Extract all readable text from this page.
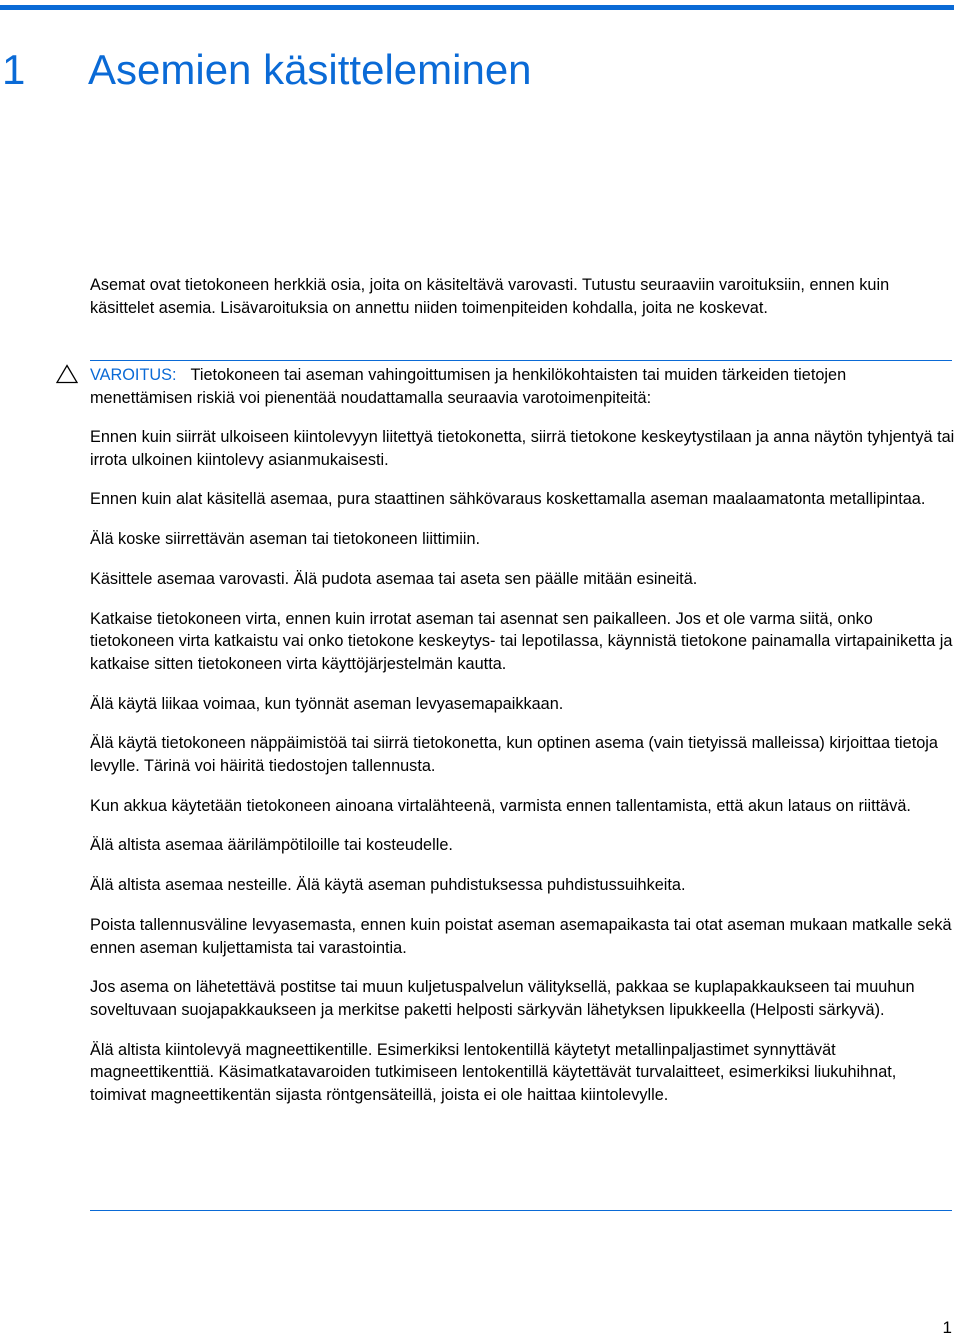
1	Asemien käsitteleminen

Asemat ovat tietokoneen herkkiä osia, joita on käsiteltävä varovasti. Tutustu seuraaviin varoituksiin, ennen kuin käsittelet asemia. Lisävaroituksia on annettu niiden toimenpiteiden kohdalla, joita ne koskevat.

VAROITUS: Tietokoneen tai aseman vahingoittumisen ja henkilökohtaisten tai muiden tärkeiden tietojen menettämisen riskiä voi pienentää noudattamalla seuraavia varotoimenpiteitä:

Ennen kuin siirrät ulkoiseen kiintolevyyn liitettyä tietokonetta, siirrä tietokone keskeytystilaan ja anna näytön tyhjentyä tai irrota ulkoinen kiintolevy asianmukaisesti.

Ennen kuin alat käsitellä asemaa, pura staattinen sähkövaraus koskettamalla aseman maalaamatonta metallipintaa.

Älä koske siirrettävän aseman tai tietokoneen liittimiin.

Käsittele asemaa varovasti. Älä pudota asemaa tai aseta sen päälle mitään esineitä.

Katkaise tietokoneen virta, ennen kuin irrotat aseman tai asennat sen paikalleen. Jos et ole varma siitä, onko tietokoneen virta katkaistu vai onko tietokone keskeytys- tai lepotilassa, käynnistä tietokone painamalla virtapainiketta ja katkaise sitten tietokoneen virta käyttöjärjestelmän kautta.

Älä käytä liikaa voimaa, kun työnnät aseman levyasemapaikkaan.

Älä käytä tietokoneen näppäimistöä tai siirrä tietokonetta, kun optinen asema (vain tietyissä malleissa) kirjoittaa tietoja levylle. Tärinä voi häiritä tiedostojen tallennusta.

Kun akkua käytetään tietokoneen ainoana virtalähteenä, varmista ennen tallentamista, että akun lataus on riittävä.

Älä altista asemaa äärilämpötiloille tai kosteudelle.

Älä altista asemaa nesteille. Älä käytä aseman puhdistuksessa puhdistussuihkeita.

Poista tallennusväline levyasemasta, ennen kuin poistat aseman asemapaikasta tai otat aseman mukaan matkalle sekä ennen aseman kuljettamista tai varastointia.

Jos asema on lähetettävä postitse tai muun kuljetuspalvelun välityksellä, pakkaa se kuplapakkaukseen tai muuhun soveltuvaan suojapakkaukseen ja merkitse paketti helposti särkyvän lähetyksen lipukkeella (Helposti särkyvä).

Älä altista kiintolevyä magneettikentille. Esimerkiksi lentokentillä käytetyt metallinpaljastimet synnyttävät magneettikenttiä. Käsimatkatavaroiden tutkimiseen lentokentillä käytettävät turvalaitteet, esimerkiksi liukuhihnat, toimivat magneettikentän sijasta röntgensäteillä, joista ei ole haittaa kiintolevylle.

1
